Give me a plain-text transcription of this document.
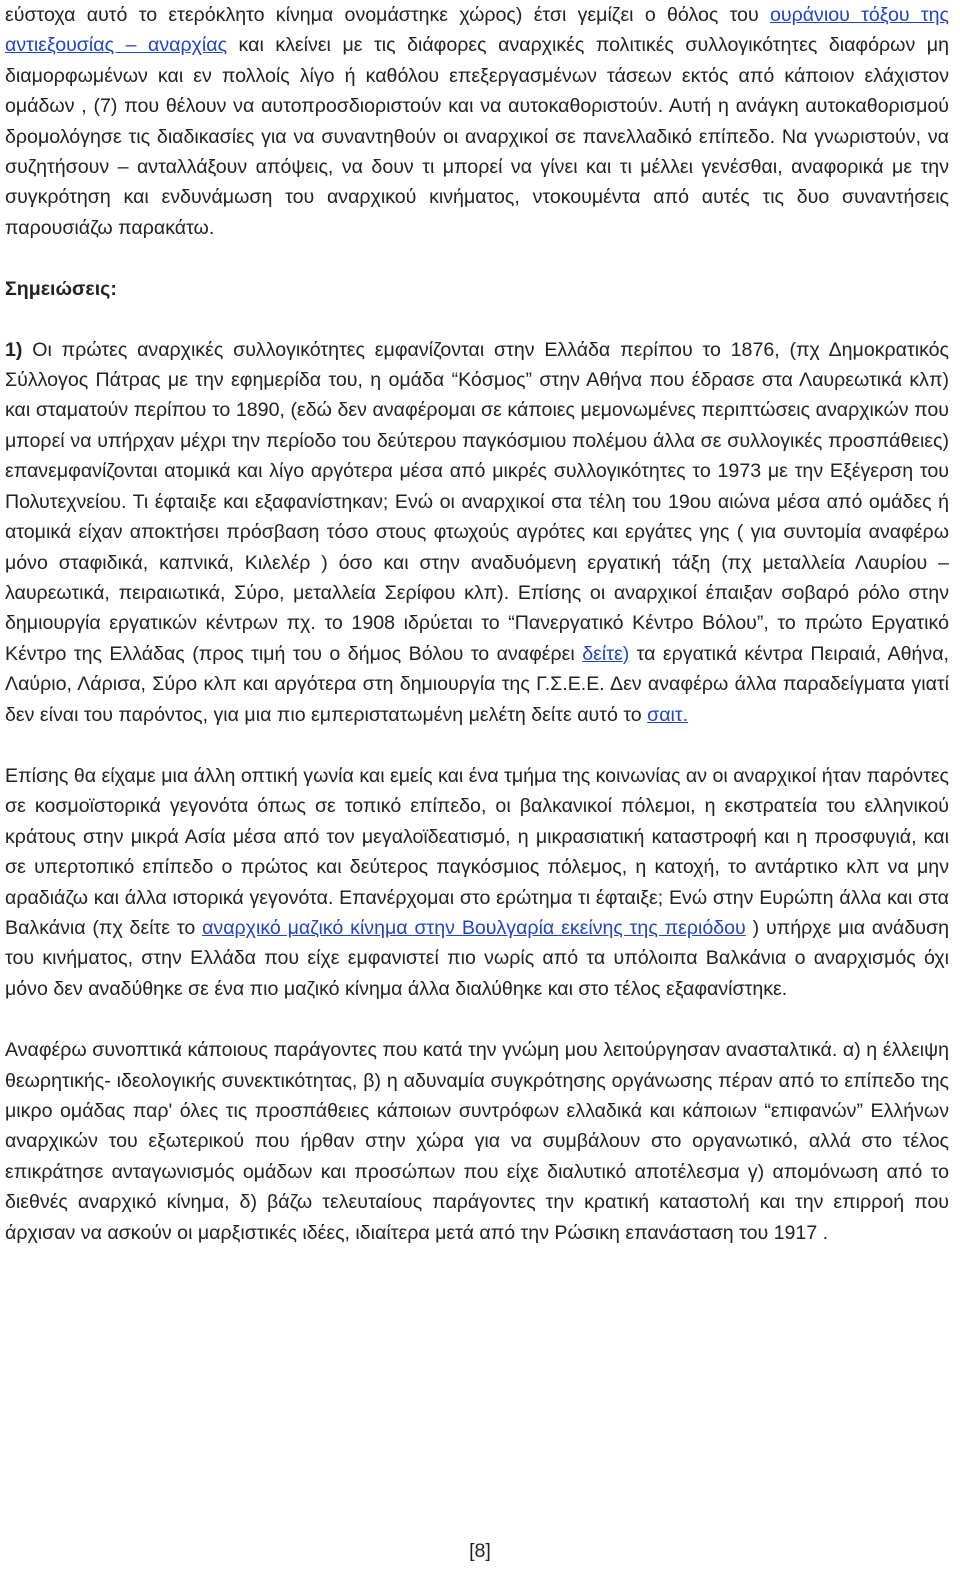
εύστοχα αυτό το ετερόκλητο κίνημα ονομάστηκε χώρος) έτσι γεμίζει ο θόλος του ουράνιου τόξου της αντιεξουσίας – αναρχίας και κλείνει με τις διάφορες αναρχικές πολιτικές συλλογικότητες διαφόρων μη διαμορφωμένων και εν πολλοίς λίγο ή καθόλου επεξεργασμένων τάσεων εκτός από κάποιον ελάχιστον ομάδων , (7) που θέλουν να αυτοπροσδιοριστούν και να αυτοκαθοριστούν. Αυτή η ανάγκη αυτοκαθορισμού δρομολόγησε τις διαδικασίες για να συναντηθούν οι αναρχικοί σε πανελλαδικό επίπεδο. Να γνωριστούν, να συζητήσουν – ανταλλάξουν απόψεις, να δουν τι μπορεί να γίνει και τι μέλλει γενέσθαι, αναφορικά με την συγκρότηση και ενδυνάμωση του αναρχικού κινήματος, ντοκουμέντα από αυτές τις δυο συναντήσεις παρουσιάζω παρακάτω.

Σημειώσεις:

1) Οι πρώτες αναρχικές συλλογικότητες εμφανίζονται στην Ελλάδα περίπου το 1876, (πχ Δημοκρατικός Σύλλογος Πάτρας με την εφημερίδα του, η ομάδα “Κόσμος” στην Αθήνα που έδρασε στα Λαυρεωτικά κλπ) και σταματούν περίπου το 1890, (εδώ δεν αναφέρομαι σε κάποιες μεμονωμένες περιπτώσεις αναρχικών που μπορεί να υπήρχαν μέχρι την περίοδο του δεύτερου παγκόσμιου πολέμου άλλα σε συλλογικές προσπάθειες) επανεμφανίζονται ατομικά και λίγο αργότερα μέσα από μικρές συλλογικότητες το 1973 με την Εξέγερση του Πολυτεχνείου. Τι έφταιξε και εξαφανίστηκαν; Ενώ οι αναρχικοί στα τέλη του 19ου αιώνα μέσα από ομάδες ή ατομικά είχαν αποκτήσει πρόσβαση τόσο στους φτωχούς αγρότες και εργάτες γης ( για συντομία αναφέρω μόνο σταφιδικά, καπνικά, Κιλελέρ ) όσο και στην αναδυόμενη εργατική τάξη (πχ μεταλλεία Λαυρίου – λαυρεωτικά, πειραιωτικά, Σύρο, μεταλλεία Σερίφου κλπ). Επίσης οι αναρχικοί έπαιξαν σοβαρό ρόλο στην δημιουργία εργατικών κέντρων πχ. το 1908 ιδρύεται το “Πανεργατικό Κέντρο Βόλου”, το πρώτο Εργατικό Κέντρο της Ελλάδας (προς τιμή του ο δήμος Βόλου το αναφέρει δείτε) τα εργατικά κέντρα Πειραιά, Αθήνα, Λαύριο, Λάρισα, Σύρο κλπ και αργότερα στη δημιουργία της Γ.Σ.Ε.Ε. Δεν αναφέρω άλλα παραδείγματα γιατί δεν είναι του παρόντος, για μια πιο εμπεριστατωμένη μελέτη δείτε αυτό το σαιτ.

Επίσης θα είχαμε μια άλλη οπτική γωνία και εμείς και ένα τμήμα της κοινωνίας αν οι αναρχικοί ήταν παρόντες σε κοσμοϊστορικά γεγονότα όπως σε τοπικό επίπεδο, οι βαλκανικοί πόλεμοι, η εκστρατεία του ελληνικού κράτους στην μικρά Ασία μέσα από τον μεγαλοϊδεατισμό, η μικρασιατική καταστροφή και η προσφυγιά, και σε υπερτοπικό επίπεδο ο πρώτος και δεύτερος παγκόσμιος πόλεμος, η κατοχή, το αντάρτικο κλπ να μην αραδιάζω και άλλα ιστορικά γεγονότα. Επανέρχομαι στο ερώτημα τι έφταιξε; Ενώ στην Ευρώπη άλλα και στα Βαλκάνια (πχ δείτε το αναρχικό μαζικό κίνημα στην Βουλγαρία εκείνης της περιόδου ) υπήρχε μια ανάδυση του κινήματος, στην Ελλάδα που είχε εμφανιστεί πιο νωρίς από τα υπόλοιπα Βαλκάνια ο αναρχισμός όχι μόνο δεν αναδύθηκε σε ένα πιο μαζικό κίνημα άλλα διαλύθηκε και στο τέλος εξαφανίστηκε.

Αναφέρω συνοπτικά κάποιους παράγοντες που κατά την γνώμη μου λειτούργησαν ανασταλτικά. α) η έλλειψη θεωρητικής- ιδεολογικής συνεκτικότητας, β) η αδυναμία συγκρότησης οργάνωσης πέραν από το επίπεδο της μικρο ομάδας παρ' όλες τις προσπάθειες κάποιων συντρόφων ελλαδικά και κάποιων “επιφανών” Ελλήνων αναρχικών του εξωτερικού που ήρθαν στην χώρα για να συμβάλουν στο οργανωτικό, αλλά στο τέλος επικράτησε ανταγωνισμός ομάδων και προσώπων που είχε διαλυτικό αποτέλεσμα γ) απομόνωση από το διεθνές αναρχικό κίνημα, δ) βάζω τελευταίους παράγοντες την κρατική καταστολή και την επιρροή που άρχισαν να ασκούν οι μαρξιστικές ιδέες, ιδιαίτερα μετά από την Ρώσικη επανάσταση του 1917 .

[8]
